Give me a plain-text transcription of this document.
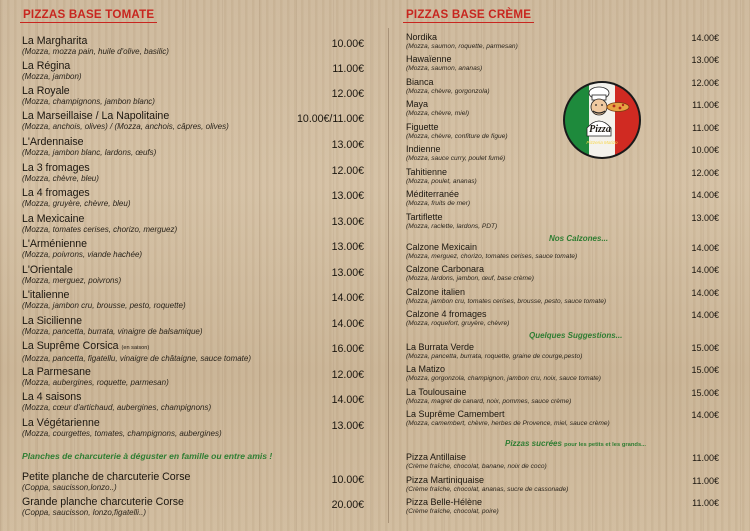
PIZZAS BASE TOMATE
La Margharita
(Mozza, mozza pain, huile d'olive, basilic)
10.00€
La Régina
(Mozza, jambon)
11.00€
La Royale
(Mozza, champignons, jambon blanc)
12.00€
La Marseillaise / La Napolitaine
(Mozza, anchois, olives) / (Mozza, anchois, câpres, olives)
10.00€/11.00€
L'Ardennaise
(Mozza, jambon blanc, lardons, œufs)
13.00€
La 3 fromages
(Mozza, chèvre, bleu)
12.00€
La 4 fromages
(Mozza, gruyère, chèvre, bleu)
13.00€
La Mexicaine
(Mozza, tomates cerises, chorizo, merguez)
13.00€
L'Arménienne
(Mozza, poivrons, viande hachée)
13.00€
L'Orientale
(Mozza, merguez, poivrons)
13.00€
L'italienne
(Mozza, jambon cru, brousse, pesto, roquette)
14.00€
La Sicilienne
(Mozza, pancetta, burrata, vinaigre de balsamique)
14.00€
La Suprême Corsica (en saison)
(Mozza, pancetta, figatellu, vinaigre de châtaigne, sauce tomate)
16.00€
La Parmesane
(Mozza, aubergines, roquette, parmesan)
12.00€
La 4 saisons
(Mozza, cœur d'artichaud, aubergines, champignons)
14.00€
La Végétarienne
(Mozza, courgettes, tomates, champignons, aubergines)
13.00€
Planches de charcuterie à déguster en famille ou entre amis !
Petite planche de charcuterie Corse
(Coppa, saucisson,lonzo..)
10.00€
Grande planche charcuterie Corse
(Coppa, saucisson, lonzo,figatelli..)
20.00€
PIZZAS BASE CRÈME
Nordika
(Mozza, saumon, roquette, parmesan)
14.00€
Hawaïenne
(Mozza, saumon, ananas)
13.00€
Bianca
(Mozza, chèvre, gorgonzola)
12.00€
Maya
(Mozza, chèvre, miel)
11.00€
Figuette
(Mozza, chèvre, confiture de figue)
11.00€
Indienne
(Mozza, sauce curry, poulet fumé)
10.00€
Tahitienne
(Mozza, poulet, ananas)
12.00€
Méditerranée
(Mozza, fruits de mer)
14.00€
Tartiflette
(Mozza, raclette, lardons, PDT)
13.00€
Nos Calzones...
Calzone Mexicain
(Mozza, merguez, chorizo, tomates cerises, sauce tomate)
14.00€
Calzone Carbonara
(Mozza, lardons, jambon, œuf, base crème)
14.00€
Calzone italien
(Mozza, jambon cru, tomates cerises, brousse, pesto, sauce tomate)
14.00€
Calzone 4 fromages
(Mozza, roquefort, gruyère, chèvre)
14.00€
Quelques Suggestions...
La Burrata Verde
(Mozza, pancetta, burrata, roquette, graine de courge,pesto)
15.00€
La Matizo
(Mozza, gorgonzola, champignon, jambon cru, noix, sauce tomate)
15.00€
La Toulousaine
(Mozza, magret de canard, noix, pommes, sauce crème)
15.00€
La Suprême Camembert
(Mozza, camembert, chèvre, herbes de Provence, miel, sauce crème)
14.00€
Pizzas sucrées pour les petits et les grands...
Pizza Antillaise
(Crème fraîche, chocolat, banane, noix de coco)
11.00€
Pizza Martiniquaise
(Crème fraîche, chocolat, ananas, sucre de cassonade)
11.00€
Pizza Belle-Hélène
(Crème fraîche, chocolat, poire)
11.00€
Pizza
Pizzeria Matizo
